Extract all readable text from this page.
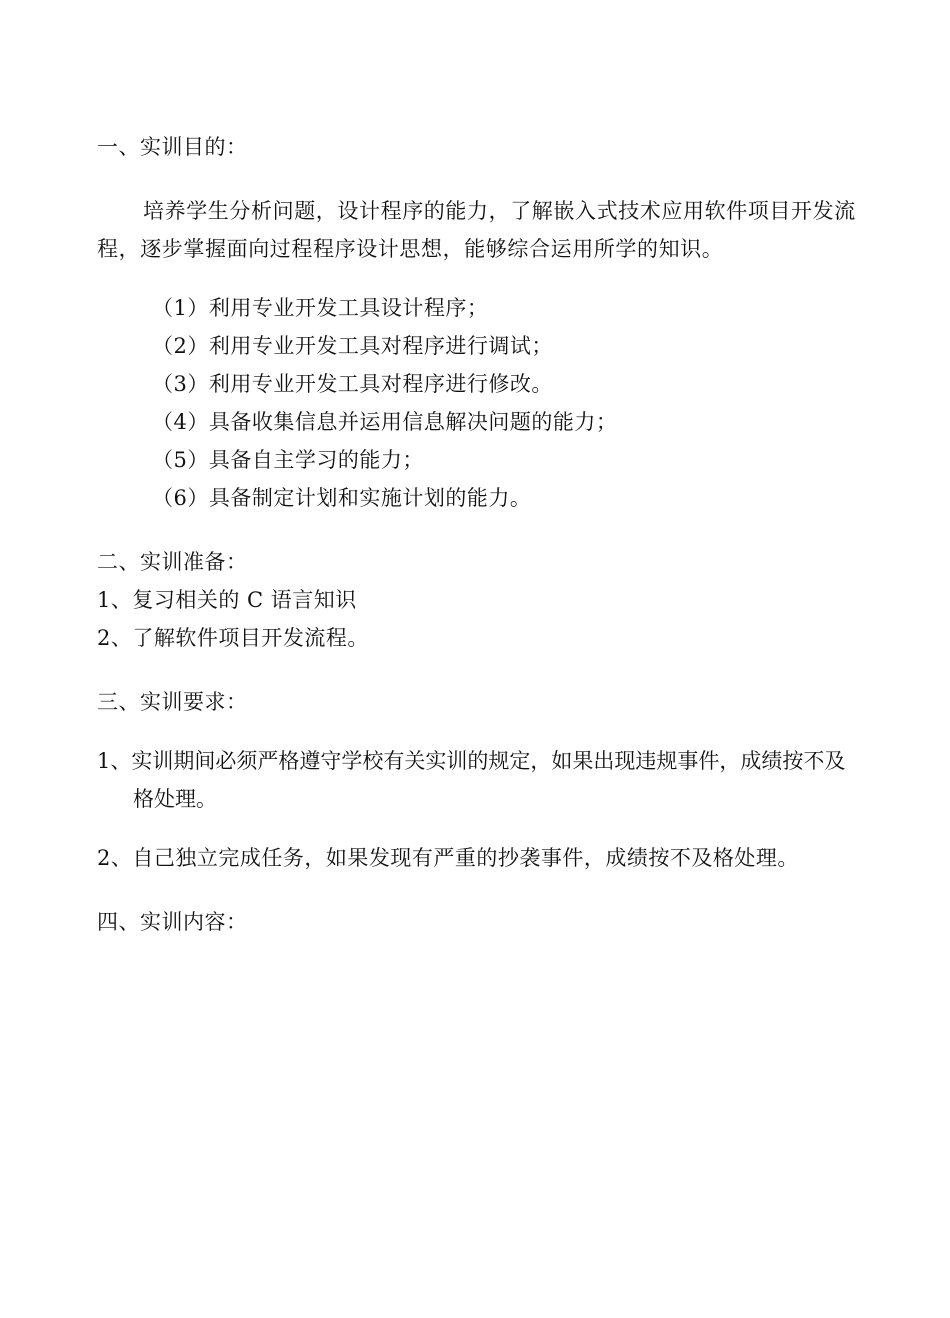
一、实训目的：

培养学生分析问题，设计程序的能力，了解嵌入式技术应用软件项目开发流程，逐步掌握面向过程程序设计思想，能够综合运用所学的知识。

（1）利用专业开发工具设计程序；

（2）利用专业开发工具对程序进行调试；

（3）利用专业开发工具对程序进行修改。

（4）具备收集信息并运用信息解决问题的能力；

（5）具备自主学习的能力；

（6）具备制定计划和实施计划的能力。

二、实训准备：

1、复习相关的 C 语言知识

2、了解软件项目开发流程。

三、实训要求：

1、实训期间必须严格遵守学校有关实训的规定，如果出现违规事件，成绩按不及格处理。

2、自己独立完成任务，如果发现有严重的抄袭事件，成绩按不及格处理。

四、实训内容：
